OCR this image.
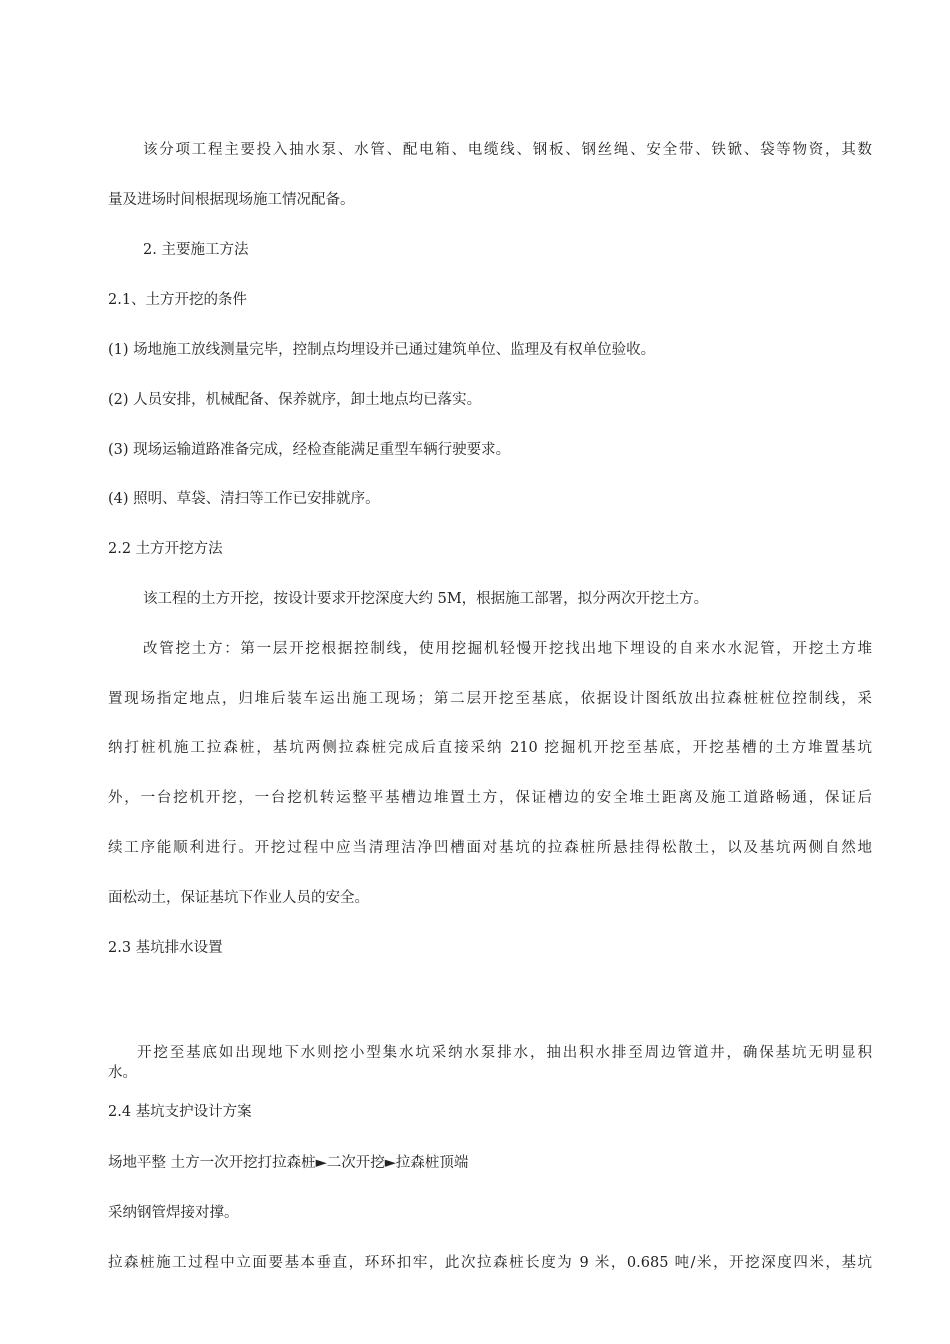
该分项工程主要投入抽水泵、水管、配电箱、电缆线、钢板、钢丝绳、安全带、铁锨、袋等物资，其数
量及进场时间根据现场施工情况配备。
2. 主要施工方法
2.1、土方开挖的条件
(1) 场地施工放线测量完毕，控制点均埋设并已通过建筑单位、监理及有权单位验收。
(2) 人员安排，机械配备、保养就序，卸土地点均已落实。
(3) 现场运输道路准备完成，经检查能满足重型车辆行驶要求。
(4) 照明、草袋、清扫等工作已安排就序。
2.2 土方开挖方法
该工程的土方开挖，按设计要求开挖深度大约 5M，根据施工部署，拟分两次开挖土方。
改管挖土方：第一层开挖根据控制线，使用挖掘机轻慢开挖找出地下埋设的自来水水泥管，开挖土方堆
置现场指定地点，归堆后装车运出施工现场；第二层开挖至基底，依据设计图纸放出拉森桩桩位控制线，采
纳打桩机施工拉森桩，基坑两侧拉森桩完成后直接采纳 210 挖掘机开挖至基底，开挖基槽的土方堆置基坑
外，一台挖机开挖，一台挖机转运整平基槽边堆置土方，保证槽边的安全堆土距离及施工道路畅通，保证后
续工序能顺利进行。开挖过程中应当清理洁净凹槽面对基坑的拉森桩所悬挂得松散土，以及基坑两侧自然地
面松动土，保证基坑下作业人员的安全。
2.3 基坑排水设置
开挖至基底如出现地下水则挖小型集水坑采纳水泵排水，抽出积水排至周边管道井，确保基坑无明显积
水。
2.4 基坑支护设计方案
场地平整 土方一次开挖打拉森桩►二次开挖►拉森桩顶端
采纳钢管焊接对撑。
拉森桩施工过程中立面要基本垂直，环环扣牢，此次拉森桩长度为 9 米，0.685 吨/米，开挖深度四米，基坑
